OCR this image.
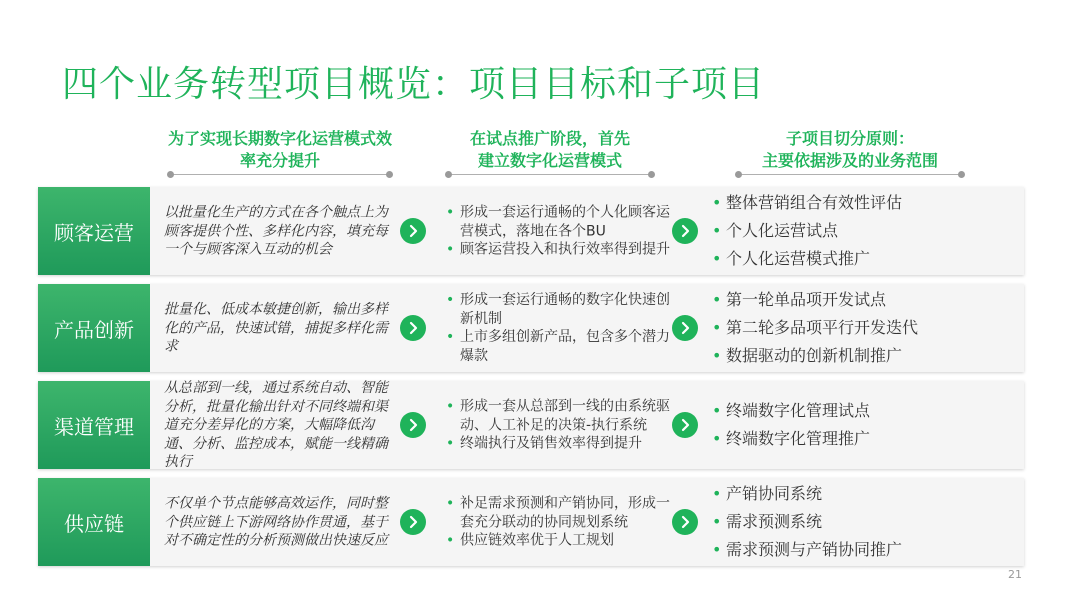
四个业务转型项目概览：项目目标和子项目
为了实现长期数字化运营模式效
率充分提升
在试点推广阶段，首先
建立数字化运营模式
子项目切分原则：
主要依据涉及的业务范围
顾客运营
以批量化生产的方式在各个触点上为顾客提供个性、多样化内容，填充每一个与顾客深入互动的机会
• 形成一套运行通畅的个人化顾客运营模式，落地在各个BU
• 顾客运营投入和执行效率得到提升
• 整体营销组合有效性评估
• 个人化运营试点
• 个人化运营模式推广
产品创新
批量化、低成本敏捷创新，输出多样化的产品，快速试错，捕捉多样化需求
• 形成一套运行通畅的数字化快速创新机制
• 上市多组创新产品，包含多个潜力爆款
• 第一轮单品项开发试点
• 第二轮多品项平行开发迭代
• 数据驱动的创新机制推广
渠道管理
从总部到一线，通过系统自动、智能分析，批量化输出针对不同终端和渠道充分差异化的方案，大幅降低沟通、分析、监控成本，赋能一线精确执行
• 形成一套从总部到一线的由系统驱动、人工补足的决策-执行系统
• 终端执行及销售效率得到提升
• 终端数字化管理试点
• 终端数字化管理推广
供应链
不仅单个节点能够高效运作，同时整个供应链上下游网络协作贯通，基于对不确定性的分析预测做出快速反应
• 补足需求预测和产销协同，形成一套充分联动的协同规划系统
• 供应链效率优于人工规划
• 产销协同系统
• 需求预测系统
• 需求预测与产销协同推广
21
